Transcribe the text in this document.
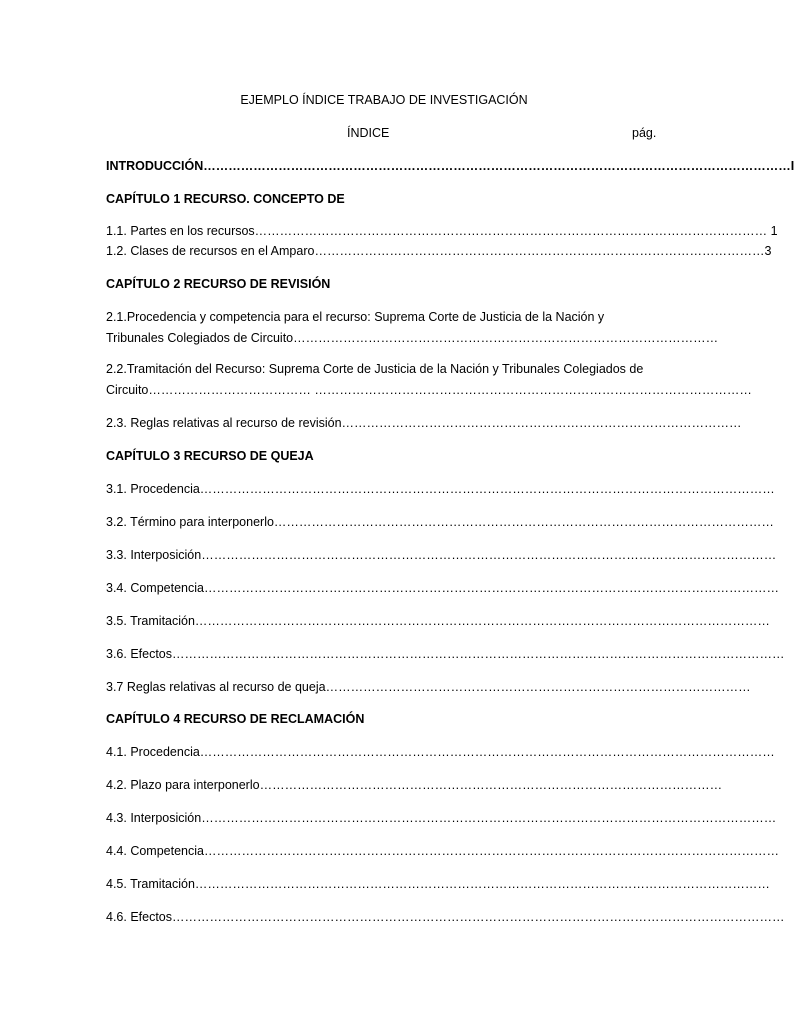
EJEMPLO ÍNDICE TRABAJO DE INVESTIGACIÓN
ÍNDICE	pág.
INTRODUCCIÓN……………………………………………………………………………………………………………………………I
CAPÍTULO 1 RECURSO. CONCEPTO DE
1.1. Partes en los recursos…………………………………………………………………………………………………………… 1
1.2. Clases de recursos en el Amparo………………………………………………………………………………………………3
CAPÍTULO 2 RECURSO DE REVISIÓN
2.1.Procedencia y competencia para el recurso: Suprema Corte de Justicia de la Nación y
Tribunales Colegiados de Circuito…………………………………………………………………………………………
2.2.Tramitación del Recurso: Suprema Corte de Justicia de la Nación y Tribunales Colegiados de
Circuito………………………………… ……………………………………………………………………………………………
2.3. Reglas relativas al recurso de revisión……………………………………………………………………………………
CAPÍTULO 3 RECURSO DE QUEJA
3.1. Procedencia…………………………………………………………………………………………………………………………
3.2. Término para interponerlo…………………………………………………………………………………………………………
3.3. Interposición…………………………………………………………………………………………………………………………
3.4. Competencia…………………………………………………………………………………………………………………………
3.5. Tramitación…………………………………………………………………………………………………………………………
3.6. Efectos…………………………………………………………………………………………………………………………………
3.7 Reglas relativas al recurso de queja…………………………………………………………………………………………
CAPÍTULO 4 RECURSO DE RECLAMACIÓN
4.1. Procedencia…………………………………………………………………………………………………………………………
4.2. Plazo para interponerlo…………………………………………………………………………………………………
4.3. Interposición…………………………………………………………………………………………………………………………
4.4. Competencia…………………………………………………………………………………………………………………………
4.5. Tramitación…………………………………………………………………………………………………………………………
4.6. Efectos…………………………………………………………………………………………………………………………………
